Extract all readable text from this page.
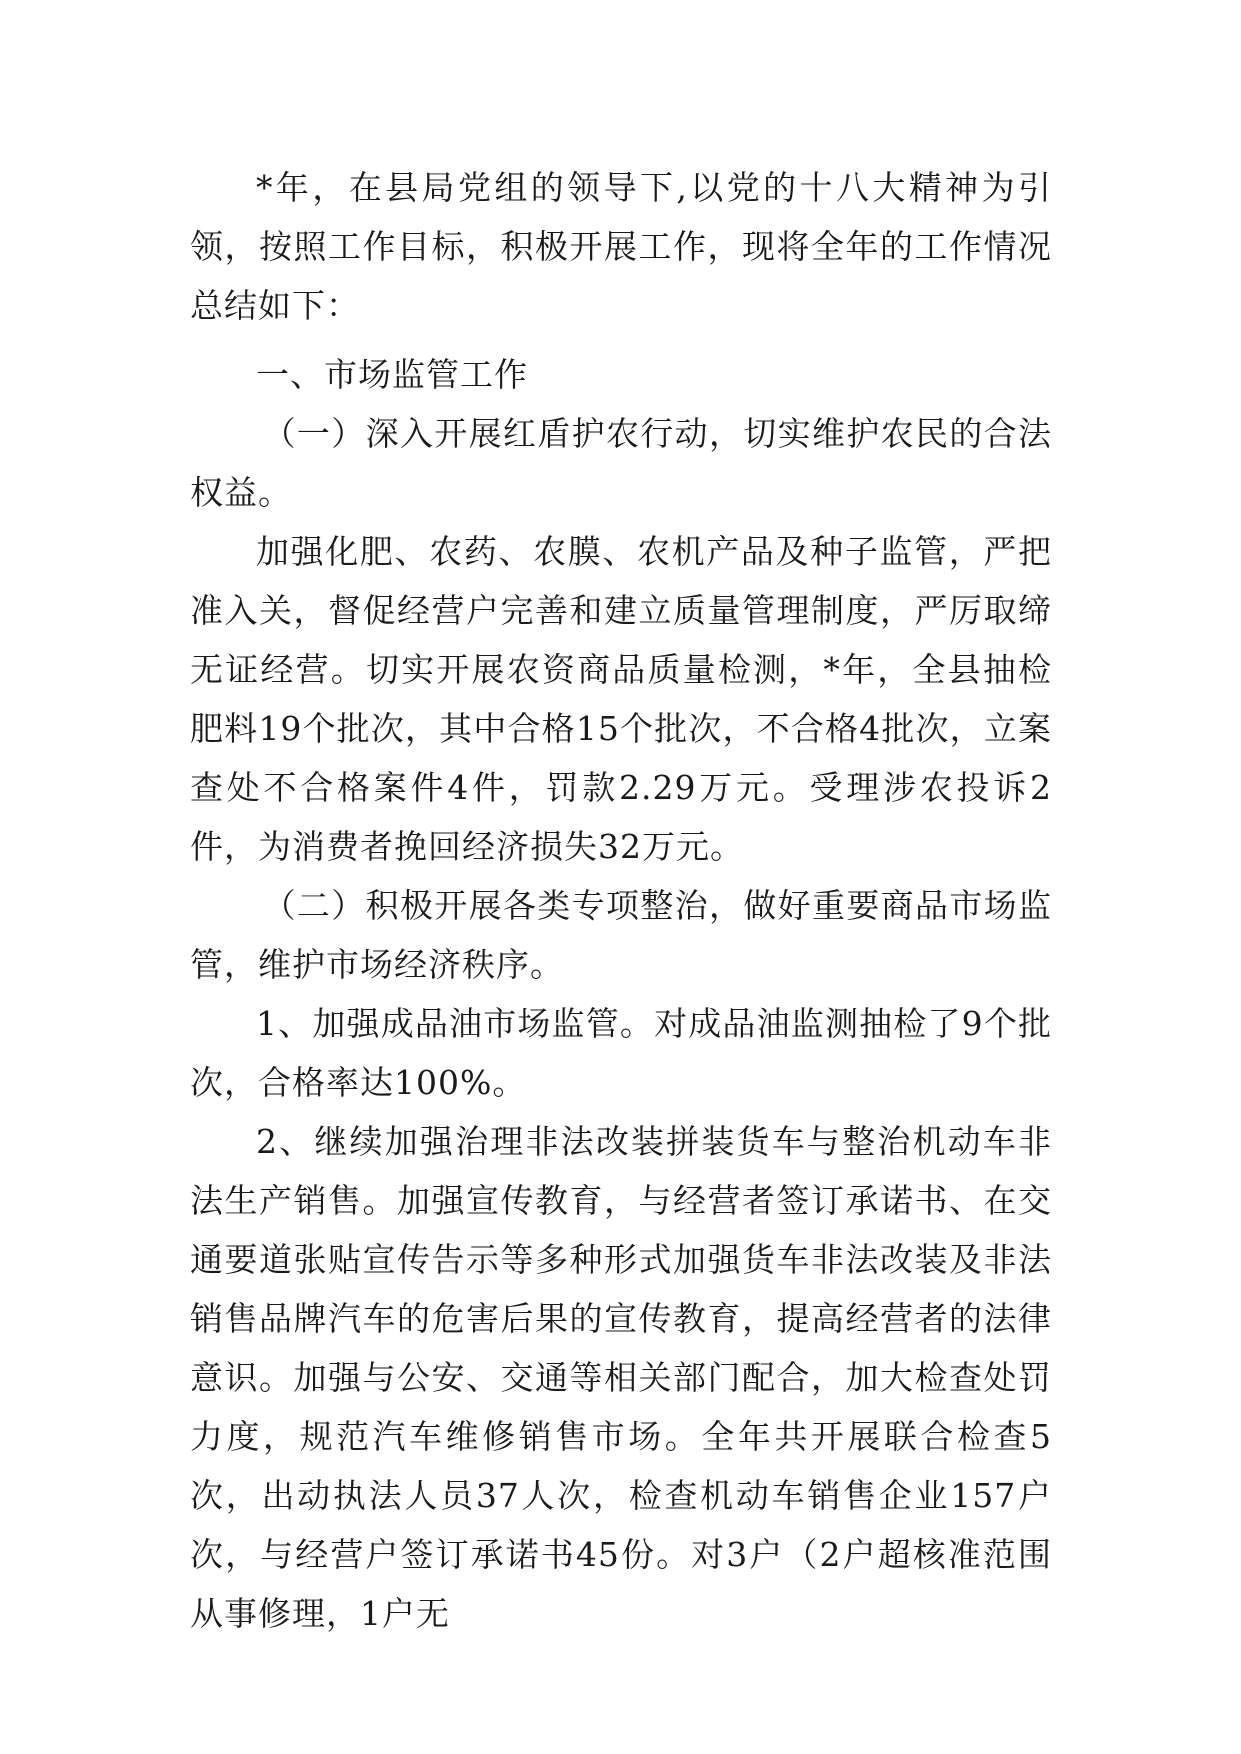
*年，在县局党组的领导下,以党的十八大精神为引领，按照工作目标，积极开展工作，现将全年的工作情况总结如下：

一、市场监管工作

（一）深入开展红盾护农行动，切实维护农民的合法权益。

加强化肥、农药、农膜、农机产品及种子监管，严把准入关，督促经营户完善和建立质量管理制度，严厉取缔无证经营。切实开展农资商品质量检测，*年，全县抽检肥料19个批次，其中合格15个批次，不合格4批次，立案查处不合格案件4件，罚款2.29万元。受理涉农投诉2件，为消费者挽回经济损失32万元。

（二）积极开展各类专项整治，做好重要商品市场监管，维护市场经济秩序。

1、加强成品油市场监管。对成品油监测抽检了9个批次，合格率达100%。

2、继续加强治理非法改装拼装货车与整治机动车非法生产销售。加强宣传教育，与经营者签订承诺书、在交通要道张贴宣传告示等多种形式加强货车非法改装及非法销售品牌汽车的危害后果的宣传教育，提高经营者的法律意识。加强与公安、交通等相关部门配合，加大检查处罚力度，规范汽车维修销售市场。全年共开展联合检查5次，出动执法人员37人次，检查机动车销售企业157户次，与经营户签订承诺书45份。对3户（2户超核准范围从事修理，1户无
